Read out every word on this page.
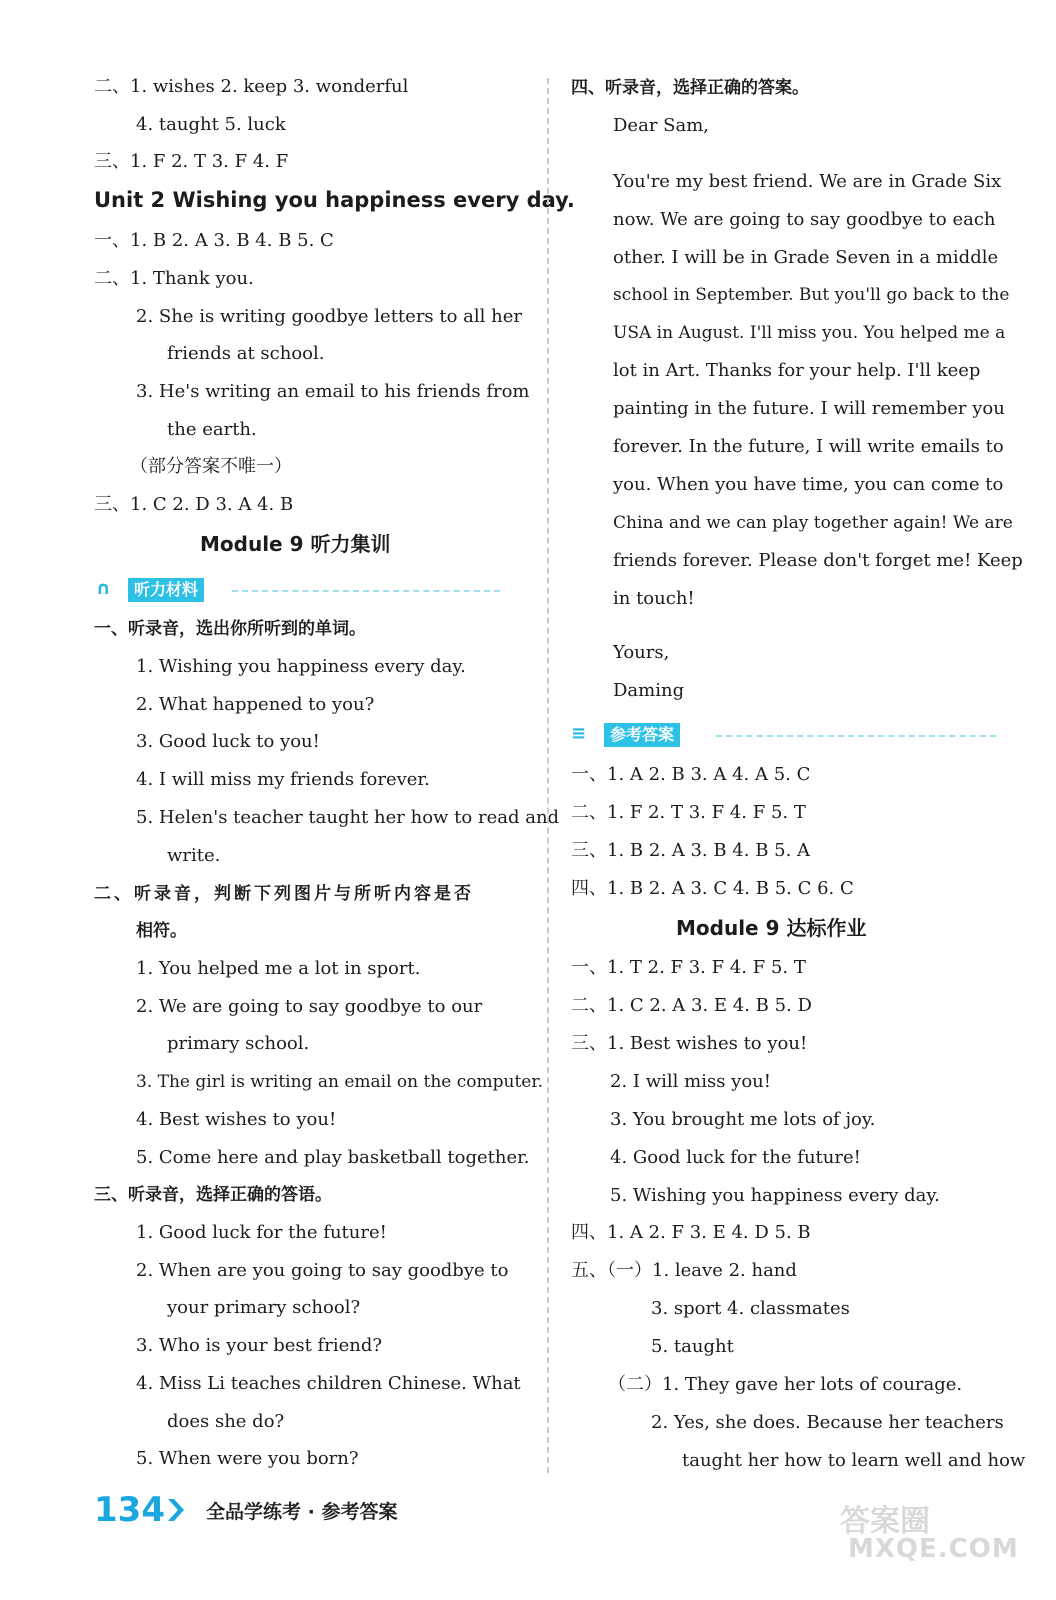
二、1. wishes 2. keep 3. wonderful
4. taught 5. luck
三、1. F 2. T 3. F 4. F
Unit 2 Wishing you happiness every day.
一、1. B 2. A 3. B 4. B 5. C
二、1. Thank you.
2. She is writing goodbye letters to all her
friends at school.
3. He's writing an email to his friends from
the earth.
（部分答案不唯一）
三、1. C 2. D 3. A 4. B
Module 9 听力集训
∩	听力材料
一、听录音，选出你所听到的单词。
1. Wishing you happiness every day.
2. What happened to you?
3. Good luck to you!
4. I will miss my friends forever.
5. Helen's teacher taught her how to read and
write.
二、听录音，判断下列图片与所听内容是否
相符。
1. You helped me a lot in sport.
2. We are going to say goodbye to our
primary school.
3. The girl is writing an email on the computer.
4. Best wishes to you!
5. Come here and play basketball together.
三、听录音，选择正确的答语。
1. Good luck for the future!
2. When are you going to say goodbye to
your primary school?
3. Who is your best friend?
4. Miss Li teaches children Chinese. What
does she do?
5. When were you born?
四、听录音，选择正确的答案。
Dear Sam,
You're my best friend. We are in Grade Six
now. We are going to say goodbye to each
other. I will be in Grade Seven in a middle
school in September. But you'll go back to the
USA in August. I'll miss you. You helped me a
lot in Art. Thanks for your help. I'll keep
painting in the future. I will remember you
forever. In the future, I will write emails to
you. When you have time, you can come to
China and we can play together again! We are
friends forever. Please don't forget me! Keep
in touch!
Yours,
Daming
≡	参考答案
一、1. A 2. B 3. A 4. A 5. C
二、1. F 2. T 3. F 4. F 5. T
三、1. B 2. A 3. B 4. B 5. A
四、1. B 2. A 3. C 4. B 5. C 6. C
Module 9 达标作业
一、1. T 2. F 3. F 4. F 5. T
二、1. C 2. A 3. E 4. B 5. D
三、1. Best wishes to you!
2. I will miss you!
3. You brought me lots of joy.
4. Good luck for the future!
5. Wishing you happiness every day.
四、1. A 2. F 3. E 4. D 5. B
五、（一）1. leave 2. hand
3. sport 4. classmates
5. taught
（二）1. They gave her lots of courage.
2. Yes, she does. Because her teachers
taught her how to learn well and how
134 全品学练考 · 参考答案	答案圈
MXQE.COM
